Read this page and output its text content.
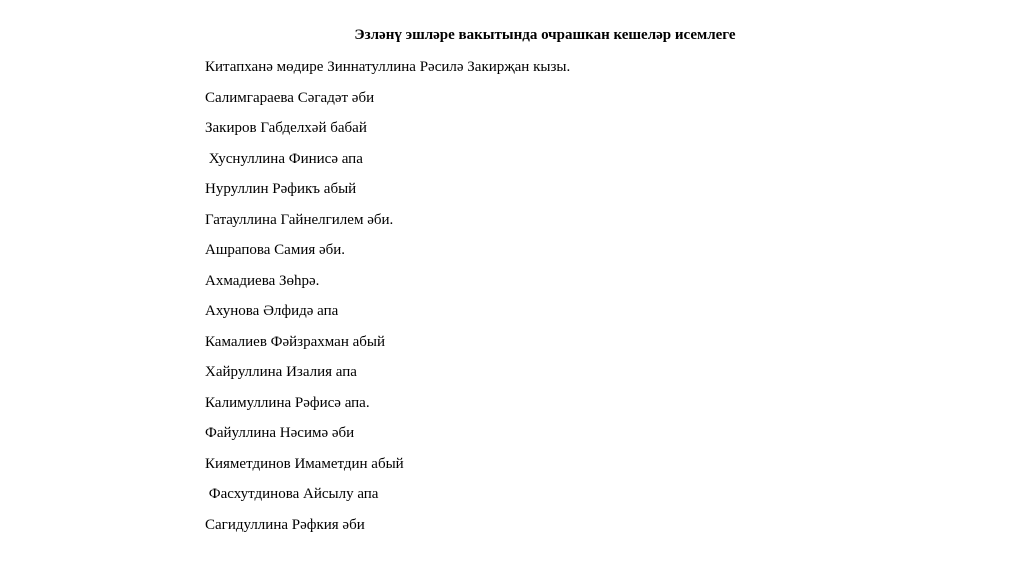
Эзләнү эшләре вакытында очрашкан кешеләр исемлеге
Китапханә мөдире Зиннатуллина Рәсилә Закирҗан кызы.
Салимгараева Сәгадәт әби
Закиров Габделхәй бабай
Хуснуллина Финисә апа
Нуруллин Рәфикъ абый
Гатауллина Гайнелгилем әби.
Ашрапова Самия әби.
Ахмадиева Зөһрә.
Ахунова Әлфидә апа
Камалиев Фәйзрахман абый
Хайруллина Изалия апа
Калимуллина Рәфисә апа.
Файуллина Нәсимә әби
Кияметдинов Имаметдин абый
Фасхутдинова Айсылу апа
Сагидуллина Рәфкия әби
